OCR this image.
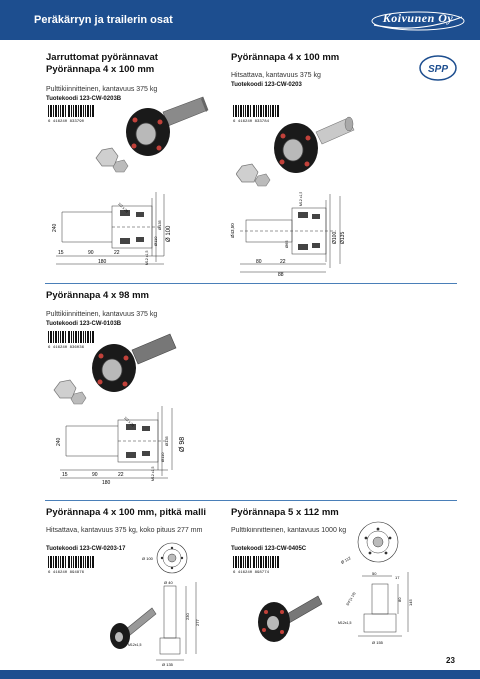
Peräkärryn ja trailerin osat	Koivunen Oy
Jarruttomat pyörännavat
Pyörännapa 4 x 100 mm
Pulttikiinnitteinen, kantavuus 375 kg
Tuotekoodi 123-CW-0203B
6 416240 833790
240	Ø 100
Ø135
Ø110
15	90	22
180	M12 x1,5
1/2 x 20
Pyörännapa 4 x 100 mm
Hitsattava, kantavuus 375 kg
Tuotekoodi 123-CW-0203
SPP
6 416240 833784
Ø43,50	Ø100 Ø135
Ø65
80	22
88
M12 x1,5
Pyörännapa 4 x 98 mm
Pulttikiinnitteinen, kantavuus 375 kg
Tuotekoodi 123-CW-0103B
6 416240 836036
240	Ø 98
Ø135
Ø110
15	90	22
180
M12 x1,5
1/2 x 20
Pyörännapa 4 x 100 mm, pitkä malli
Hitsattava, kantavuus 375 kg, koko pituus 277 mm
Tuotekoodi 123-CW-0203-17
6 416240 894876
Ø 100
Ø 40
230
277
Ø 135
M12x1,5
Pyörännapa 5 x 112 mm
Pulttikiinnitteinen, kantavuus 1000 kg
Tuotekoodi 123-CW-0405C
6 416240 898774
Ø 112
50
17
80 145
M12x1,5
Ø 155
3/4"(x 18)
23
